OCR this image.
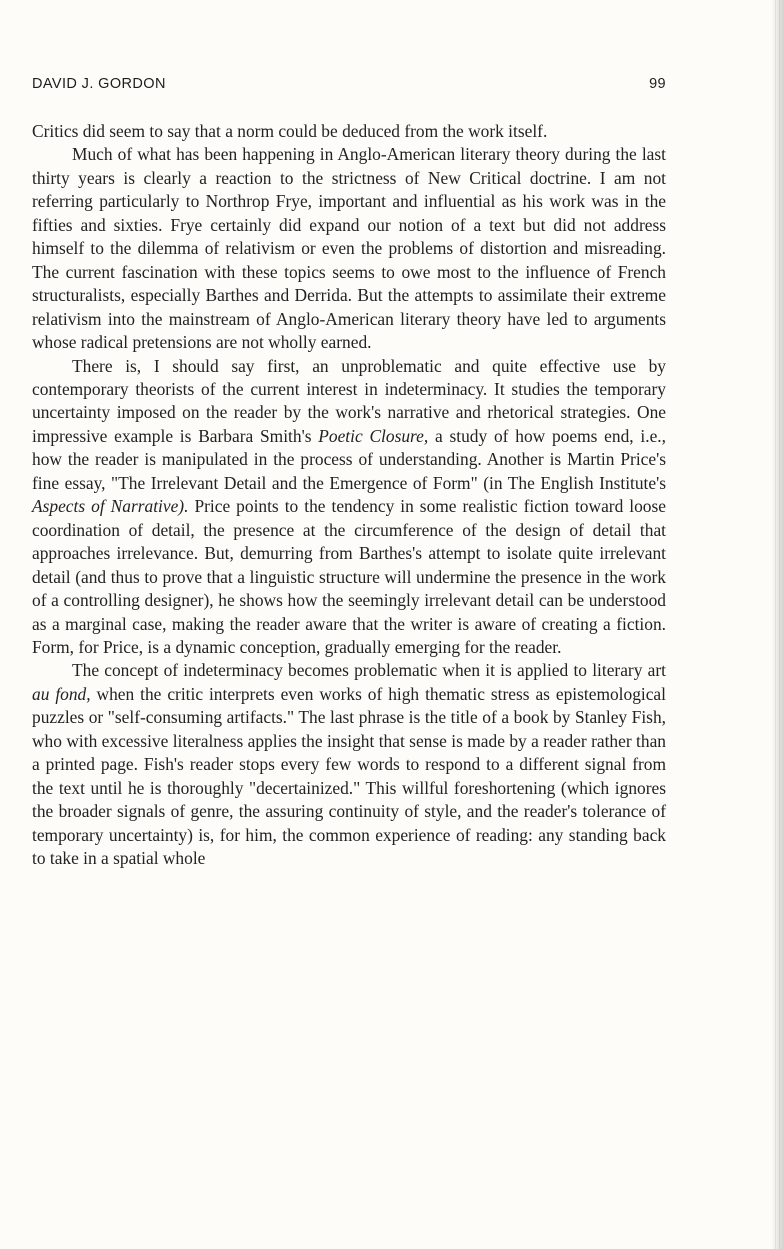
DAVID J. GORDON	99

Critics did seem to say that a norm could be deduced from the work itself.

Much of what has been happening in Anglo-American literary theory during the last thirty years is clearly a reaction to the strictness of New Critical doctrine. I am not referring particularly to Northrop Frye, important and influential as his work was in the fifties and sixties. Frye certainly did expand our notion of a text but did not address himself to the dilemma of relativism or even the problems of distortion and misreading. The current fascination with these topics seems to owe most to the influence of French structuralists, especially Barthes and Derrida. But the attempts to assimilate their extreme relativism into the mainstream of Anglo-American literary theory have led to arguments whose radical pretensions are not wholly earned.

There is, I should say first, an unproblematic and quite effective use by contemporary theorists of the current interest in indeterminacy. It studies the temporary uncertainty imposed on the reader by the work's narrative and rhetorical strategies. One impressive example is Barbara Smith's Poetic Closure, a study of how poems end, i.e., how the reader is manipulated in the process of understanding. Another is Martin Price's fine essay, "The Irrelevant Detail and the Emergence of Form" (in The English Institute's Aspects of Narrative). Price points to the tendency in some realistic fiction toward loose coordination of detail, the presence at the circumference of the design of detail that approaches irrelevance. But, demurring from Barthes's attempt to isolate quite irrelevant detail (and thus to prove that a linguistic structure will undermine the presence in the work of a controlling designer), he shows how the seemingly irrelevant detail can be understood as a marginal case, making the reader aware that the writer is aware of creating a fiction. Form, for Price, is a dynamic conception, gradually emerging for the reader.

The concept of indeterminacy becomes problematic when it is applied to literary art au fond, when the critic interprets even works of high thematic stress as epistemological puzzles or "self-consuming artifacts." The last phrase is the title of a book by Stanley Fish, who with excessive literalness applies the insight that sense is made by a reader rather than a printed page. Fish's reader stops every few words to respond to a different signal from the text until he is thoroughly "decertainized." This willful foreshortening (which ignores the broader signals of genre, the assuring continuity of style, and the reader's tolerance of temporary uncertainty) is, for him, the common experience of reading: any standing back to take in a spatial whole
